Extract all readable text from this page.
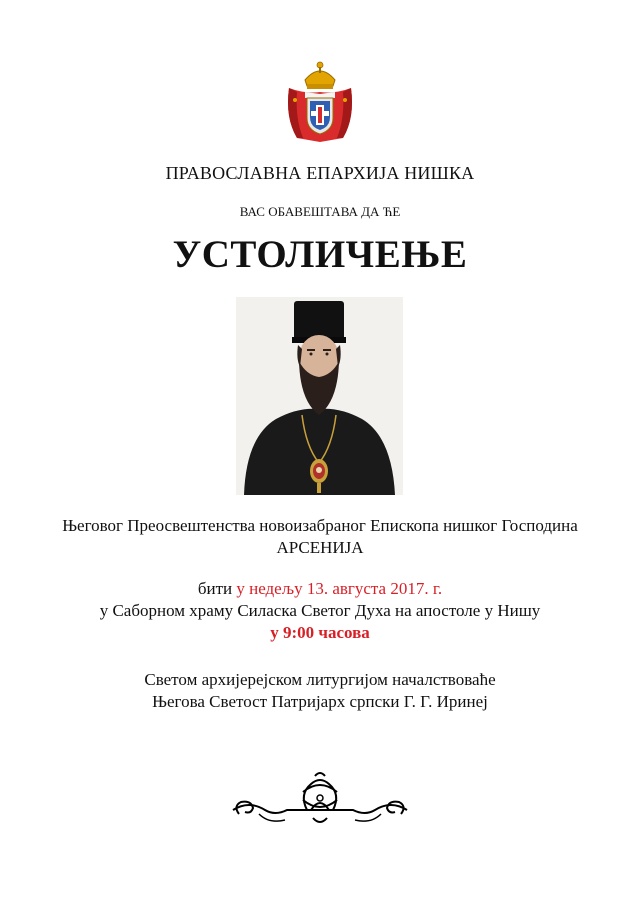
ПРАВОСЛАВНА ЕПАРХИЈА НИШКА
ВАС ОБАВЕШТАВА ДА ЋЕ
УСТОЛИЧЕЊЕ
Његовог Преосвештенства новоизабраног Епископа нишког Господина
АРСЕНИЈА
бити у недељу 13. августа 2017. г.
у Саборном храму Силаска Светог Духа на апостоле у Нишу
у 9:00 часова
Светом архијерејском литургијом началствоваће
Његова Светост Патријарх српски Г. Г. Иринеј
